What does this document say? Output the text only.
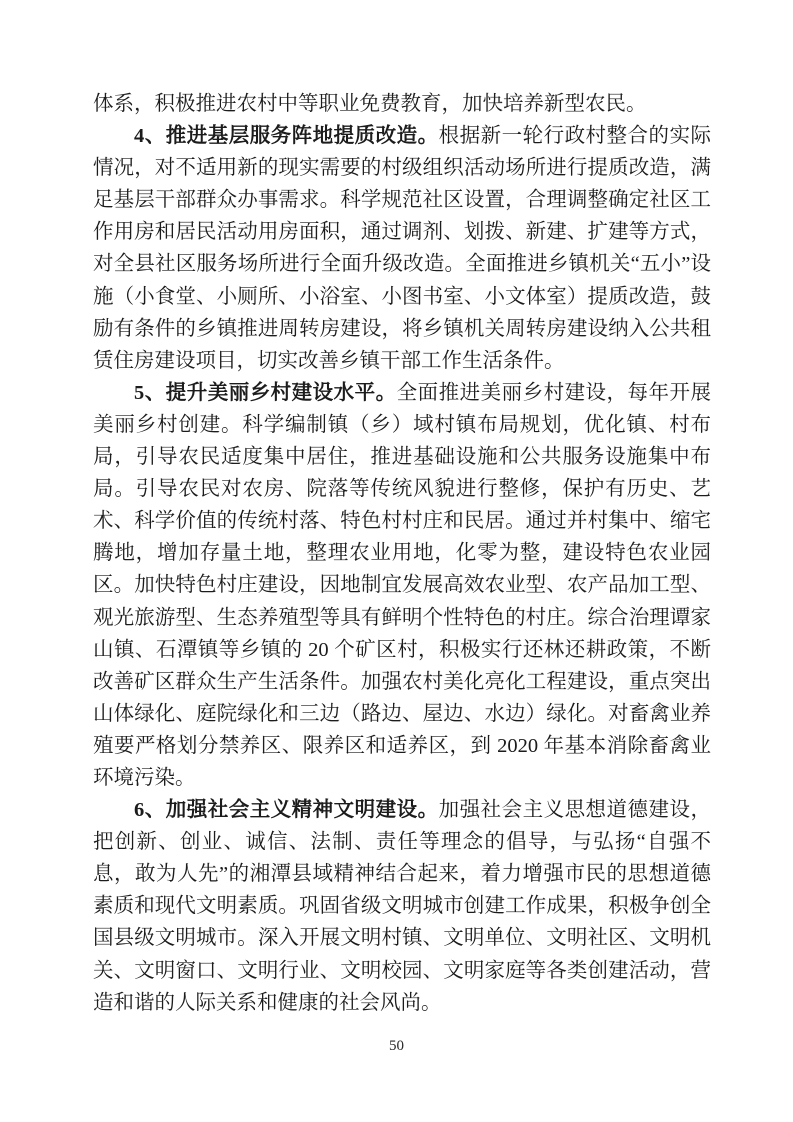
体系，积极推进农村中等职业免费教育，加快培养新型农民。

4、推进基层服务阵地提质改造。根据新一轮行政村整合的实际情况，对不适用新的现实需要的村级组织活动场所进行提质改造，满足基层干部群众办事需求。科学规范社区设置，合理调整确定社区工作用房和居民活动用房面积，通过调剂、划拨、新建、扩建等方式，对全县社区服务场所进行全面升级改造。全面推进乡镇机关“五小”设施（小食堂、小厕所、小浴室、小图书室、小文体室）提质改造，鼓励有条件的乡镇推进周转房建设，将乡镇机关周转房建设纳入公共租赁住房建设项目，切实改善乡镇干部工作生活条件。

5、提升美丽乡村建设水平。全面推进美丽乡村建设，每年开展美丽乡村创建。科学编制镇（乡）域村镇布局规划，优化镇、村布局，引导农民适度集中居住，推进基础设施和公共服务设施集中布局。引导农民对农房、院落等传统风貌进行整修，保护有历史、艺术、科学价值的传统村落、特色村村庄和民居。通过并村集中、缩宅腾地，增加存量土地，整理农业用地，化零为整，建设特色农业园区。加快特色村庄建设，因地制宜发展高效农业型、农产品加工型、观光旅游型、生态养殖型等具有鲜明个性特色的村庄。综合治理谭家山镇、石潭镇等乡镇的 20 个矿区村，积极实行还林还耕政策，不断改善矿区群众生产生活条件。加强农村美化亮化工程建设，重点突出山体绿化、庭院绿化和三边（路边、屋边、水边）绿化。对畜禽业养殖要严格划分禁养区、限养区和适养区，到 2020 年基本消除畜禽业环境污染。

6、加强社会主义精神文明建设。加强社会主义思想道德建设，把创新、创业、诚信、法制、责任等理念的倡导，与弘扬“自强不息，敢为人先”的湘潭县域精神结合起来，着力增强市民的思想道德素质和现代文明素质。巩固省级文明城市创建工作成果，积极争创全国县级文明城市。深入开展文明村镇、文明单位、文明社区、文明机关、文明窗口、文明行业、文明校园、文明家庭等各类创建活动，营造和谐的人际关系和健康的社会风尚。

50
